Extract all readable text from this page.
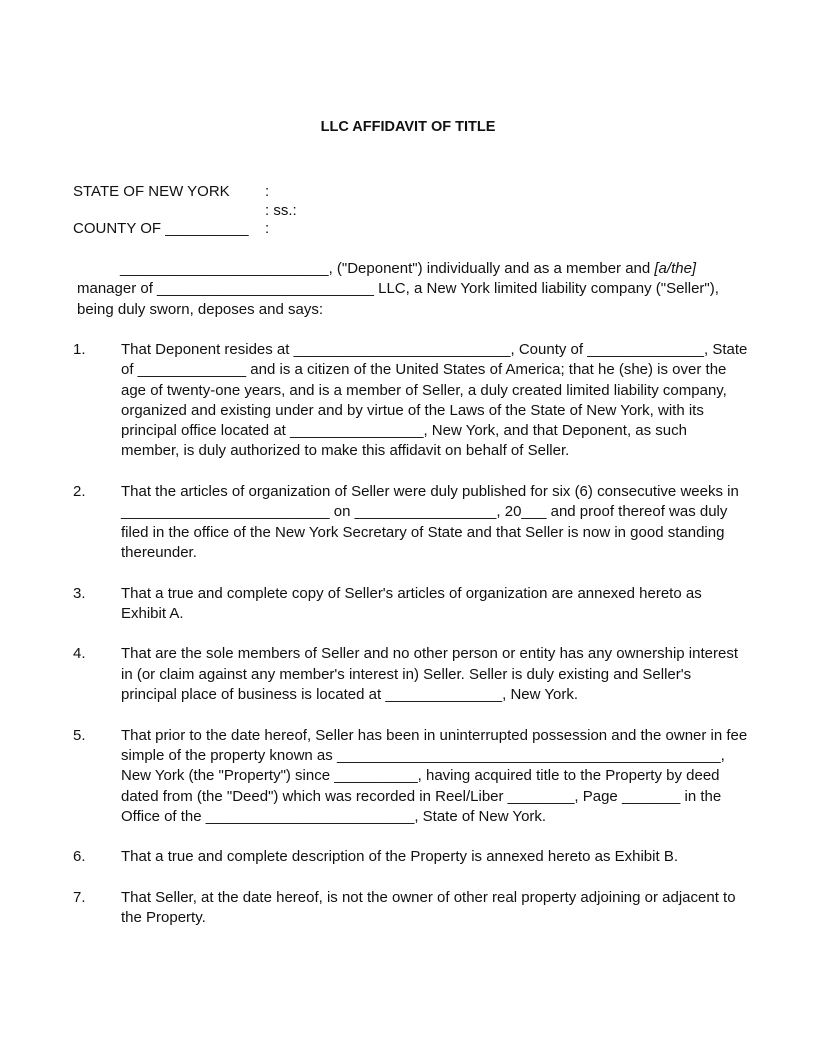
LLC AFFIDAVIT OF TITLE

STATE OF NEW YORK

:

: ss.:

COUNTY OF __________

:

_________________________, ("Deponent") individually and as a member and [a/the] manager of __________________________ LLC, a New York limited liability company ("Seller"), being duly sworn, deposes and says:

1. That Deponent resides at __________________________, County of ______________, State of _____________ and is a citizen of the United States of America; that he (she) is over the age of twenty-one years, and is a member of Seller, a duly created limited liability company, organized and existing under and by virtue of the Laws of the State of New York, with its principal office located at ________________, New York, and that Deponent, as such member, is duly authorized to make this affidavit on behalf of Seller.
2. That the articles of organization of Seller were duly published for six (6) consecutive weeks in _________________________ on _________________, 20___ and proof thereof was duly filed in the office of the New York Secretary of State and that Seller is now in good standing thereunder.
3. That a true and complete copy of Seller's articles of organization are annexed hereto as Exhibit A.
4. That are the sole members of Seller and no other person or entity has any ownership interest in (or claim against any member's interest in) Seller. Seller is duly existing and Seller's principal place of business is located at ______________, New York.
5. That prior to the date hereof, Seller has been in uninterrupted possession and the owner in fee simple of the property known as ______________________________________________, New York (the "Property") since __________, having acquired title to the Property by deed dated from (the "Deed") which was recorded in Reel/Liber ________, Page _______ in the Office of the _________________________, State of New York.
6. That a true and complete description of the Property is annexed hereto as Exhibit B.
7. That Seller, at the date hereof, is not the owner of other real property adjoining or adjacent to the Property.
